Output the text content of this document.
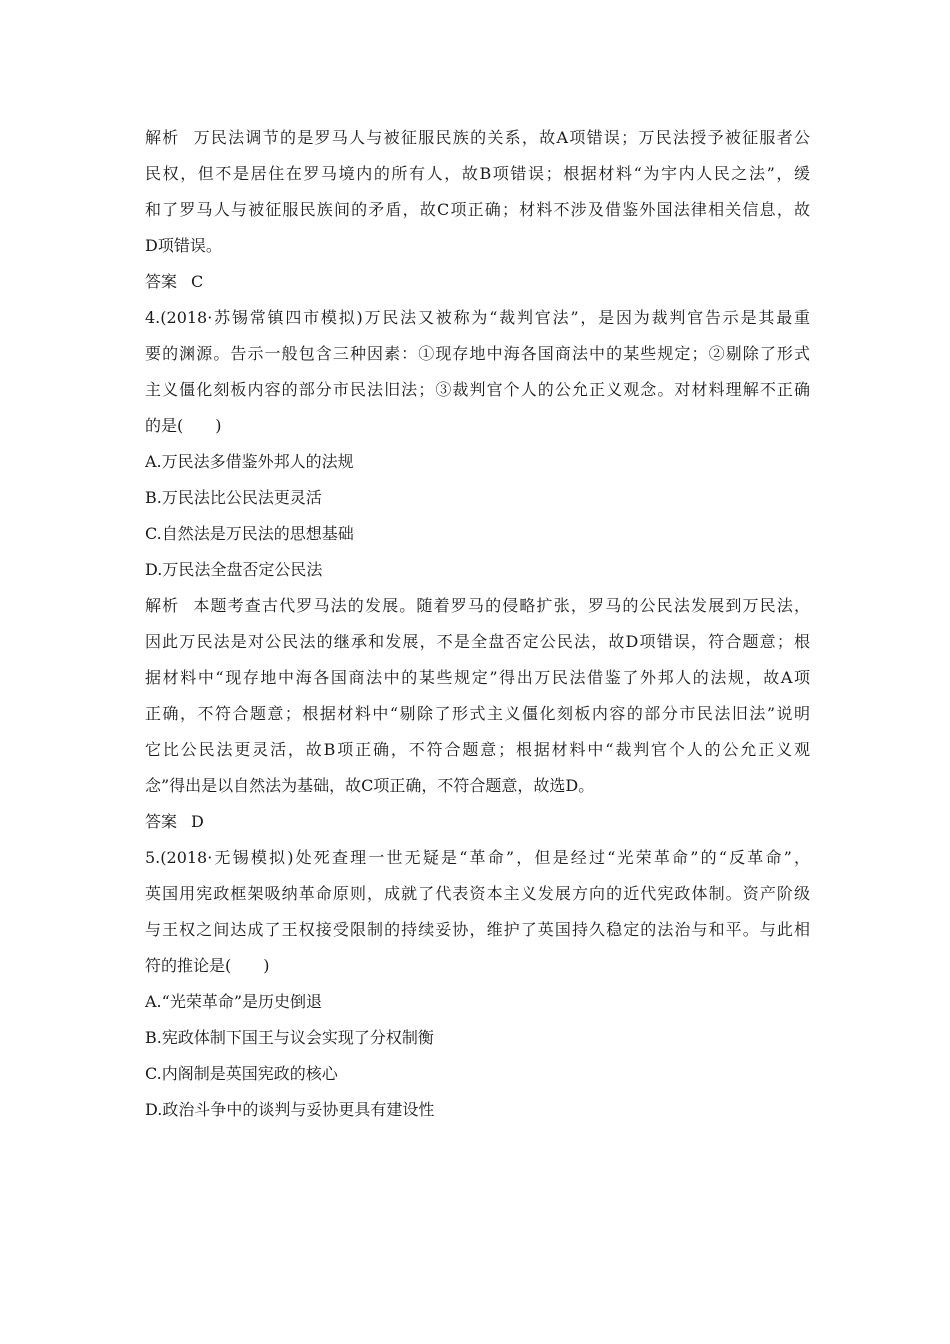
解析 万民法调节的是罗马人与被征服民族的关系，故A项错误；万民法授予被征服者公
民权，但不是居住在罗马境内的所有人，故B项错误；根据材料“为宇内人民之法”，缓
和了罗马人与被征服民族间的矛盾，故C项正确；材料不涉及借鉴外国法律相关信息，故
D项错误。
答案 C
4.(2018·苏锡常镇四市模拟)万民法又被称为“裁判官法”，是因为裁判官告示是其最重
要的渊源。告示一般包含三种因素：①现存地中海各国商法中的某些规定；②剔除了形式
主义僵化刻板内容的部分市民法旧法；③裁判官个人的公允正义观念。对材料理解不正确
的是(　　)
A.万民法多借鉴外邦人的法规
B.万民法比公民法更灵活
C.自然法是万民法的思想基础
D.万民法全盘否定公民法
解析 本题考查古代罗马法的发展。随着罗马的侵略扩张，罗马的公民法发展到万民法，
因此万民法是对公民法的继承和发展，不是全盘否定公民法，故D项错误，符合题意；根
据材料中“现存地中海各国商法中的某些规定”得出万民法借鉴了外邦人的法规，故A项
正确，不符合题意；根据材料中“剔除了形式主义僵化刻板内容的部分市民法旧法”说明
它比公民法更灵活，故B项正确，不符合题意；根据材料中“裁判官个人的公允正义观
念”得出是以自然法为基础，故C项正确，不符合题意，故选D。
答案 D
5.(2018·无锡模拟)处死查理一世无疑是“革命”，但是经过“光荣革命”的“反革命”，
英国用宪政框架吸纳革命原则，成就了代表资本主义发展方向的近代宪政体制。资产阶级
与王权之间达成了王权接受限制的持续妥协，维护了英国持久稳定的法治与和平。与此相
符的推论是(　　)
A.“光荣革命”是历史倒退
B.宪政体制下国王与议会实现了分权制衡
C.内阁制是英国宪政的核心
D.政治斗争中的谈判与妥协更具有建设性
